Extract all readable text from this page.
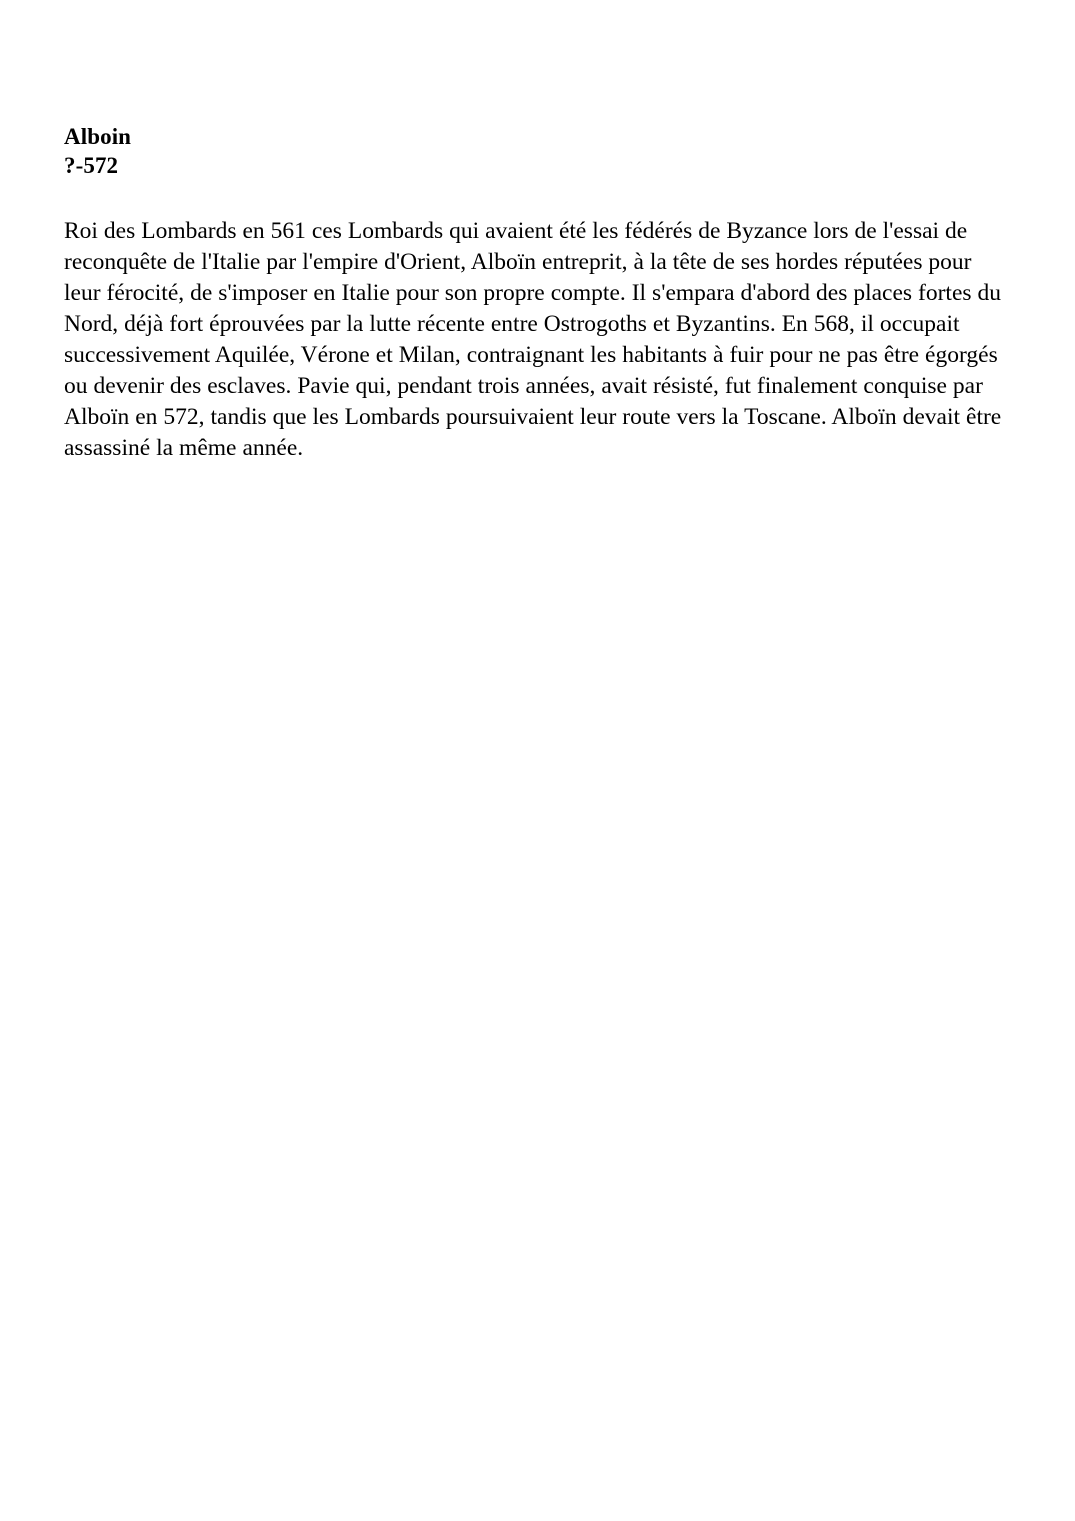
Alboin
?-572

Roi des Lombards en 561 ces Lombards qui avaient été les fédérés de Byzance lors de l'essai de reconquête de l'Italie par l'empire d'Orient, Alboïn entreprit, à la tête de ses hordes réputées pour leur férocité, de s'imposer en Italie pour son propre compte. Il s'empara d'abord des places fortes du Nord, déjà fort éprouvées par la lutte récente entre Ostrogoths et Byzantins. En 568, il occupait successivement Aquilée, Vérone et Milan, contraignant les habitants à fuir pour ne pas être égorgés ou devenir des esclaves. Pavie qui, pendant trois années, avait résisté, fut finalement conquise par Alboïn en 572, tandis que les Lombards poursuivaient leur route vers la Toscane. Alboïn devait être assassiné la même année.
